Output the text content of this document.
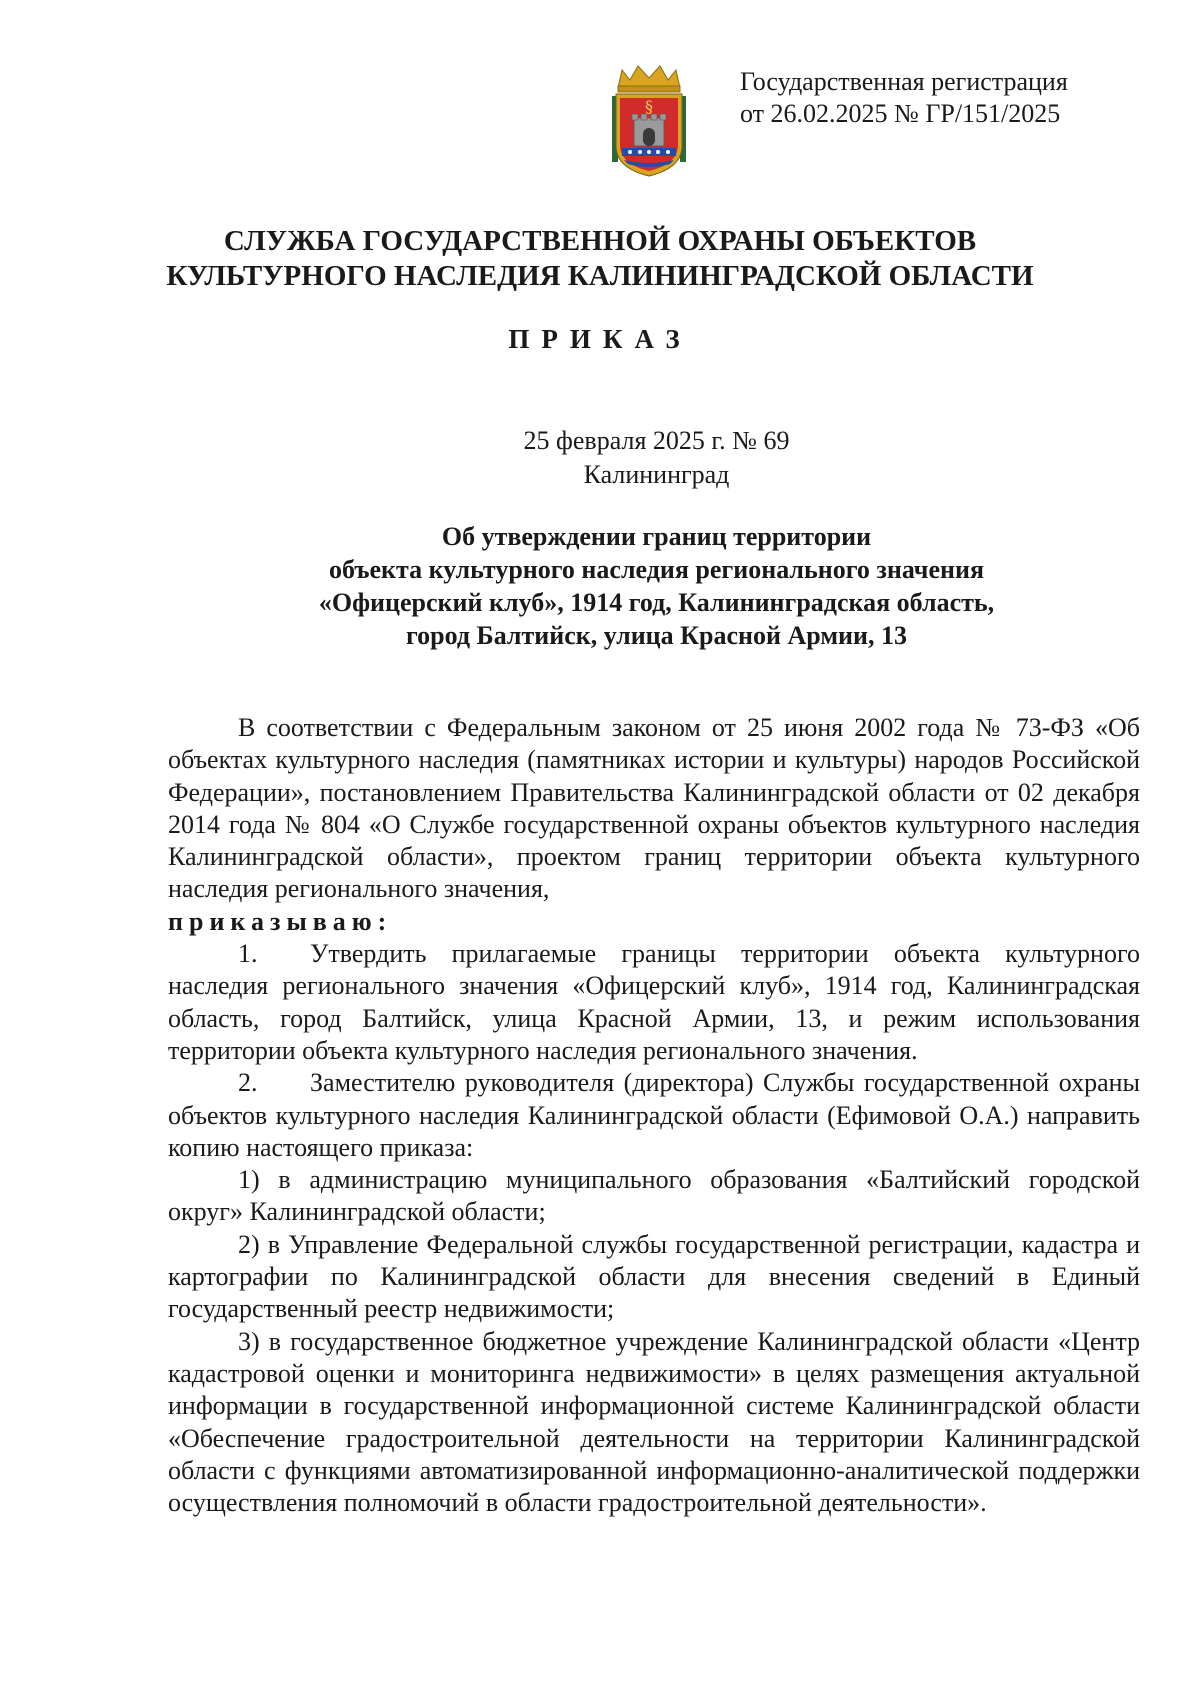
§
Государственная регистрация
от 26.02.2025 № ГР/151/2025
СЛУЖБА ГОСУДАРСТВЕННОЙ ОХРАНЫ ОБЪЕКТОВ
КУЛЬТУРНОГО НАСЛЕДИЯ КАЛИНИНГРАДСКОЙ ОБЛАСТИ
ПРИКАЗ
25 февраля 2025 г. № 69
Калининград
Об утверждении границ территории
объекта культурного наследия регионального значения
«Офицерский клуб», 1914 год, Калининградская область,
город Балтийск, улица Красной Армии, 13

В соответствии с Федеральным законом от 25 июня 2002 года № 73-ФЗ «Об объектах культурного наследия (памятниках истории и культуры) народов Российской Федерации», постановлением Правительства Калининградской области от 02 декабря 2014 года № 804 «О Службе государственной охраны объектов культурного наследия Калининградской области», проектом границ территории объекта культурного наследия регионального значения,

приказываю:

1. Утвердить прилагаемые границы территории объекта культурного наследия регионального значения «Офицерский клуб», 1914 год, Калининградская область, город Балтийск, улица Красной Армии, 13, и режим использования территории объекта культурного наследия регионального значения.

2. Заместителю руководителя (директора) Службы государственной охраны объектов культурного наследия Калининградской области (Ефимовой О.А.) направить копию настоящего приказа:

1) в администрацию муниципального образования «Балтийский городской округ» Калининградской области;

2) в Управление Федеральной службы государственной регистрации, кадастра и картографии по Калининградской области для внесения сведений в Единый государственный реестр недвижимости;

3) в государственное бюджетное учреждение Калининградской области «Центр кадастровой оценки и мониторинга недвижимости» в целях размещения актуальной информации в государственной информационной системе Калининградской области «Обеспечение градостроительной деятельности на территории Калининградской области с функциями автоматизированной информационно-аналитической поддержки осуществления полномочий в области градостроительной деятельности».
